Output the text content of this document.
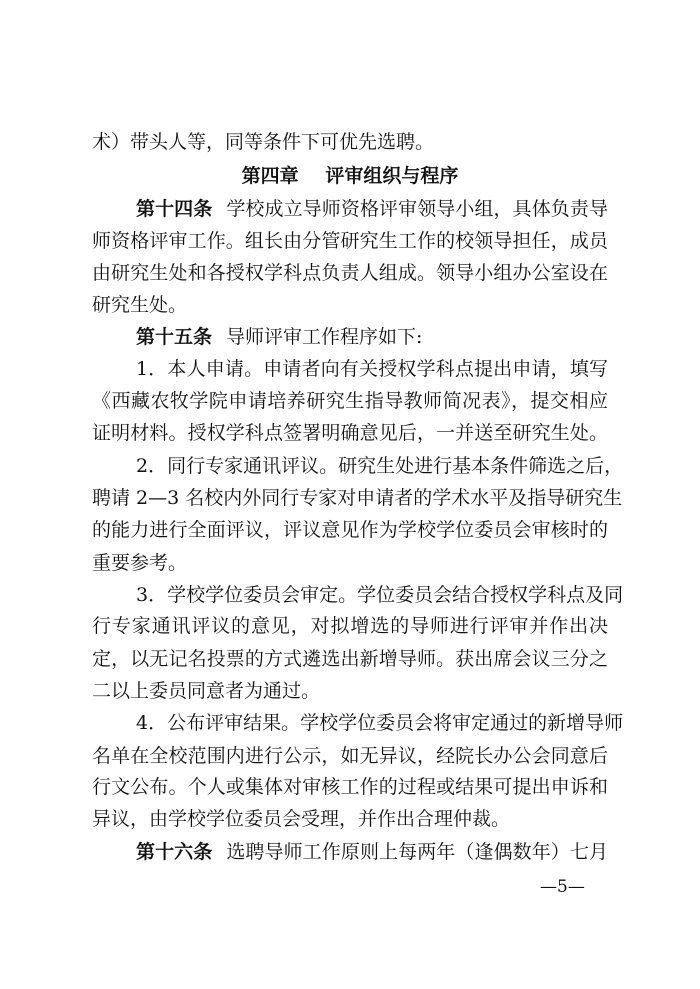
第四章 评审组织与程序
术）带头人等，同等条件下可优先选聘。
第十四条 学校成立导师资格评审领导小组，具体负责导
师资格评审工作。组长由分管研究生工作的校领导担任，成员
由研究生处和各授权学科点负责人组成。领导小组办公室设在
研究生处。
第十五条 导师评审工作程序如下:
1．本人申请。申请者向有关授权学科点提出申请，填写
《西藏农牧学院申请培养研究生指导教师简况表》，提交相应
证明材料。授权学科点签署明确意见后，一并送至研究生处。
2．同行专家通讯评议。研究生处进行基本条件筛选之后，
聘请 2—3 名校内外同行专家对申请者的学术水平及指导研究生
的能力进行全面评议，评议意见作为学校学位委员会审核时的
重要参考。
3．学校学位委员会审定。学位委员会结合授权学科点及同
行专家通讯评议的意见，对拟增选的导师进行评审并作出决
定，以无记名投票的方式遴选出新增导师。获出席会议三分之
二以上委员同意者为通过。
4．公布评审结果。学校学位委员会将审定通过的新增导师
名单在全校范围内进行公示，如无异议，经院长办公会同意后
行文公布。个人或集体对审核工作的过程或结果可提出申诉和
异议，由学校学位委员会受理，并作出合理仲裁。
第十六条 选聘导师工作原则上每两年（逢偶数年）七月
—5—
